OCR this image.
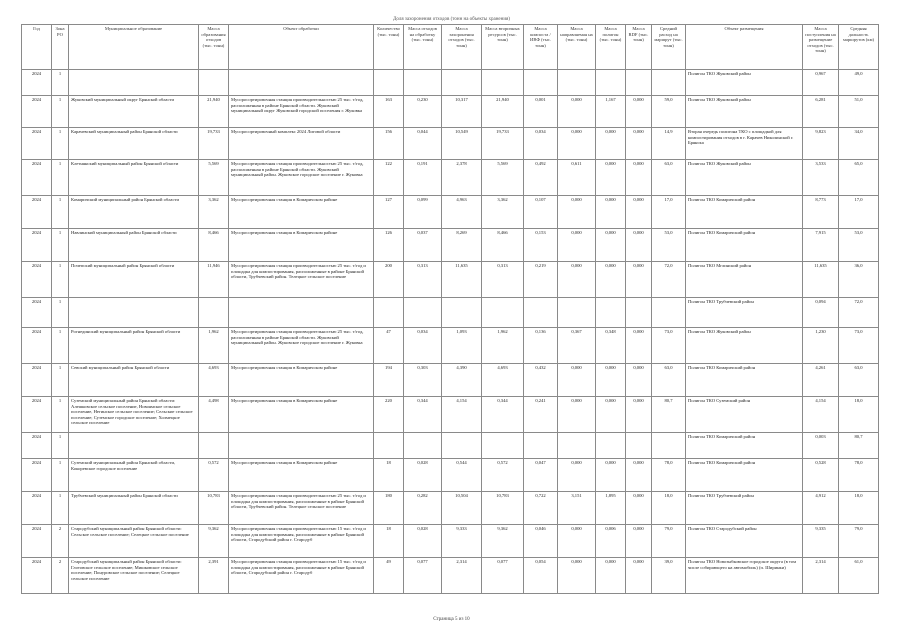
Доля захоронения отходов (тонн на объекты хранения)
Год	Зона РО	Муниципальное образование	Масса образования отходов (тыс. тонн)	Объект обработки	Количество (тыс. тонн)	Масса отходов на обработку (тыс. тонн)	Масса захоронения отходов (тыс. тонн)	Масса вторичных ресурсов (тыс. тонн)	Масса компоста / ИВФ (тыс. тонн)	Масса направляемая на (тыс. тонн)	Масса полигон (тыс. тонн)	Масса RDF (тыс. тонн)	Средний расход на маршрут (тыс. тонн)	Объект размещения	Масса поступления на размещение отходов (тыс. тонн)	Средняя дальность маршрутов (км)
2024	1													Полигон ТКО Жуковский район	0,967	49,0
2024	1	Жуковский муниципальный округ Брянской области	21,940	Мусоросортировочная станция производительностью 25 тыс. т/год, расположенная в районе Брянской области. Жуковский муниципальный округ Жуковский городской поселения г. Жуковка	163	0,230	10,317	21,940	0,001	0,000	1,167	0,000	59,0	Полигон ТКО Жуковский район	6,281	51,0
2024	1	Карачевский муниципальный район Брянской области	19,733	Мусоросортировочный комплекс 2024 Лиговой области	156	0,044	10,549	19,733	0,034	0,000	0,000	0,000	14,9	Вторая очередь полигона ТКО с площадкой для компостирования отходов в г. Карачев Николинской г. Брянска	9,823	34,0
2024	1	Клетнянский муниципальный район Брянской области	5,569	Мусоросортировочная станция производительностью 25 тыс. т/год, расположенная в районе Брянской области. Жуковский муниципальный район. Жуковское городское поселение г. Жуковка	122	0,191	2,378	5,569	0,492	0,611	0,000	0,000	63,0	Полигон ТКО Жуковский район	3,533	65,0
2024	1	Комаричский муниципальный район Брянской области	3,362	Мусоросортировочная станция в Комаричском районе	127	0,099	4,963	3,362	0,107	0,000	0,000	0,000	17,0	Полигон ТКО Комаричский район	8,773	17,0
2024	1	Навлинский муниципальный район Брянской области	8,466	Мусоросортировочная станция в Комаричском районе	126	0,037	8,269	8,466	0,153	0,000	0,000	0,000	53,0	Полигон ТКО Комаричский район	7,915	53,0
2024	1	Почепский муниципальный район Брянской области	11,946	Мусоросортировочная станция производительностью 25 тыс. т/год и площадка для компостирования, расположенные в районе Брянской области, Трубчевский район. Телецкое сельское поселение	200	0,313	11,635	0,313	0,219	0,000	0,000	0,000	72,0	Полигон ТКО Мглинский район	11,635	36,0
2024	1													Полигон ТКО Трубчевский район	0,094	72,0
2024	1	Рогнединский муниципальный район Брянской области	1,962	Мусоросортировочная станция производительностью 25 тыс. т/год, расположенная в районе Брянской области. Жуковский муниципальный район. Жуковское городское поселение г. Жуковка	47	0,034	1,093	1,962	0,136	0,367	0,348	0,000	73,0	Полигон ТКО Жуковский район	1,230	73,0
2024	1	Севский муниципальный район Брянской области	4,693	Мусоросортировочная станция в Комаричском районе	194	0,303	4,390	4,693	0,432	0,000	0,000	0,000	63,0	Полигон ТКО Комаричский район	4,261	63,0
2024	1	Суземский муниципальный район Брянской области: Алешковское сельское поселение, Новоямское сельское поселение, Негинское сельское поселение; Сельские сельское поселение; Суземское городское поселение; Холмецкое сельское поселение	4,498	Мусоросортировочная станция в Комаричском районе	220	0,344	4,154	0,344	0,241	0,000	0,000	0,000	80,7	Полигон ТКО Суземский район	4,154	18,0
2024	1													Полигон ТКО Комаричский район	0,003	80,7
2024	1	Суземский муниципальный район Брянской области, Кокоревское городское поселение	0,572	Мусоросортировочная станция в Комаричском районе	18	0,028	0,544	0,572	0,047	0,000	0,000	0,000	78,0	Полигон ТКО Комаричский район	0,528	78,0
2024	1	Трубчевский муниципальный район Брянской области	10,783	Мусоросортировочная станция производительностью 25 тыс. т/год и площадка для компостирования, расположенные в районе Брянской области, Трубчевский район. Телецкое сельское поселение	180	0,282	10,504	10,783	0,722	3,151	1,895	0,000	18,0	Полигон ТКО Трубчевский район	4,912	18,0
2024	2	Стародубский муниципальный район Брянской области: Сельское сельское поселение; Селецкое сельское поселение	9,362	Мусоросортировочная станция производительностью 15 тыс. т/год и площадка для компостирования, расположенные в районе Брянской области, Стародубский район г. Стародуб	18	0,028	9,333	9,362	0,046	0,000	0,006	0,000	79,0	Полигон ТКО Стародубский район	9,335	79,0
2024	2	Стародубский муниципальный район Брянской области: Глотовское сельское поселение; Мишковское сельское поселение; Понуровское сельское поселение; Селецкое сельское поселение	2,391	Мусоросортировочная станция производительностью 15 тыс. т/год и площадка для компостирования, расположенные в районе Брянской области, Стародубский район г. Стародуб	49	0,077	2,314	0,077	0,054	0,000	0,000	0,000	39,0	Полигон ТКО Новозыбковское городское округа (в том числе собирающего на автомобиль) (п. Ширинки)	2,314	61,0
Страница 5 из 10
